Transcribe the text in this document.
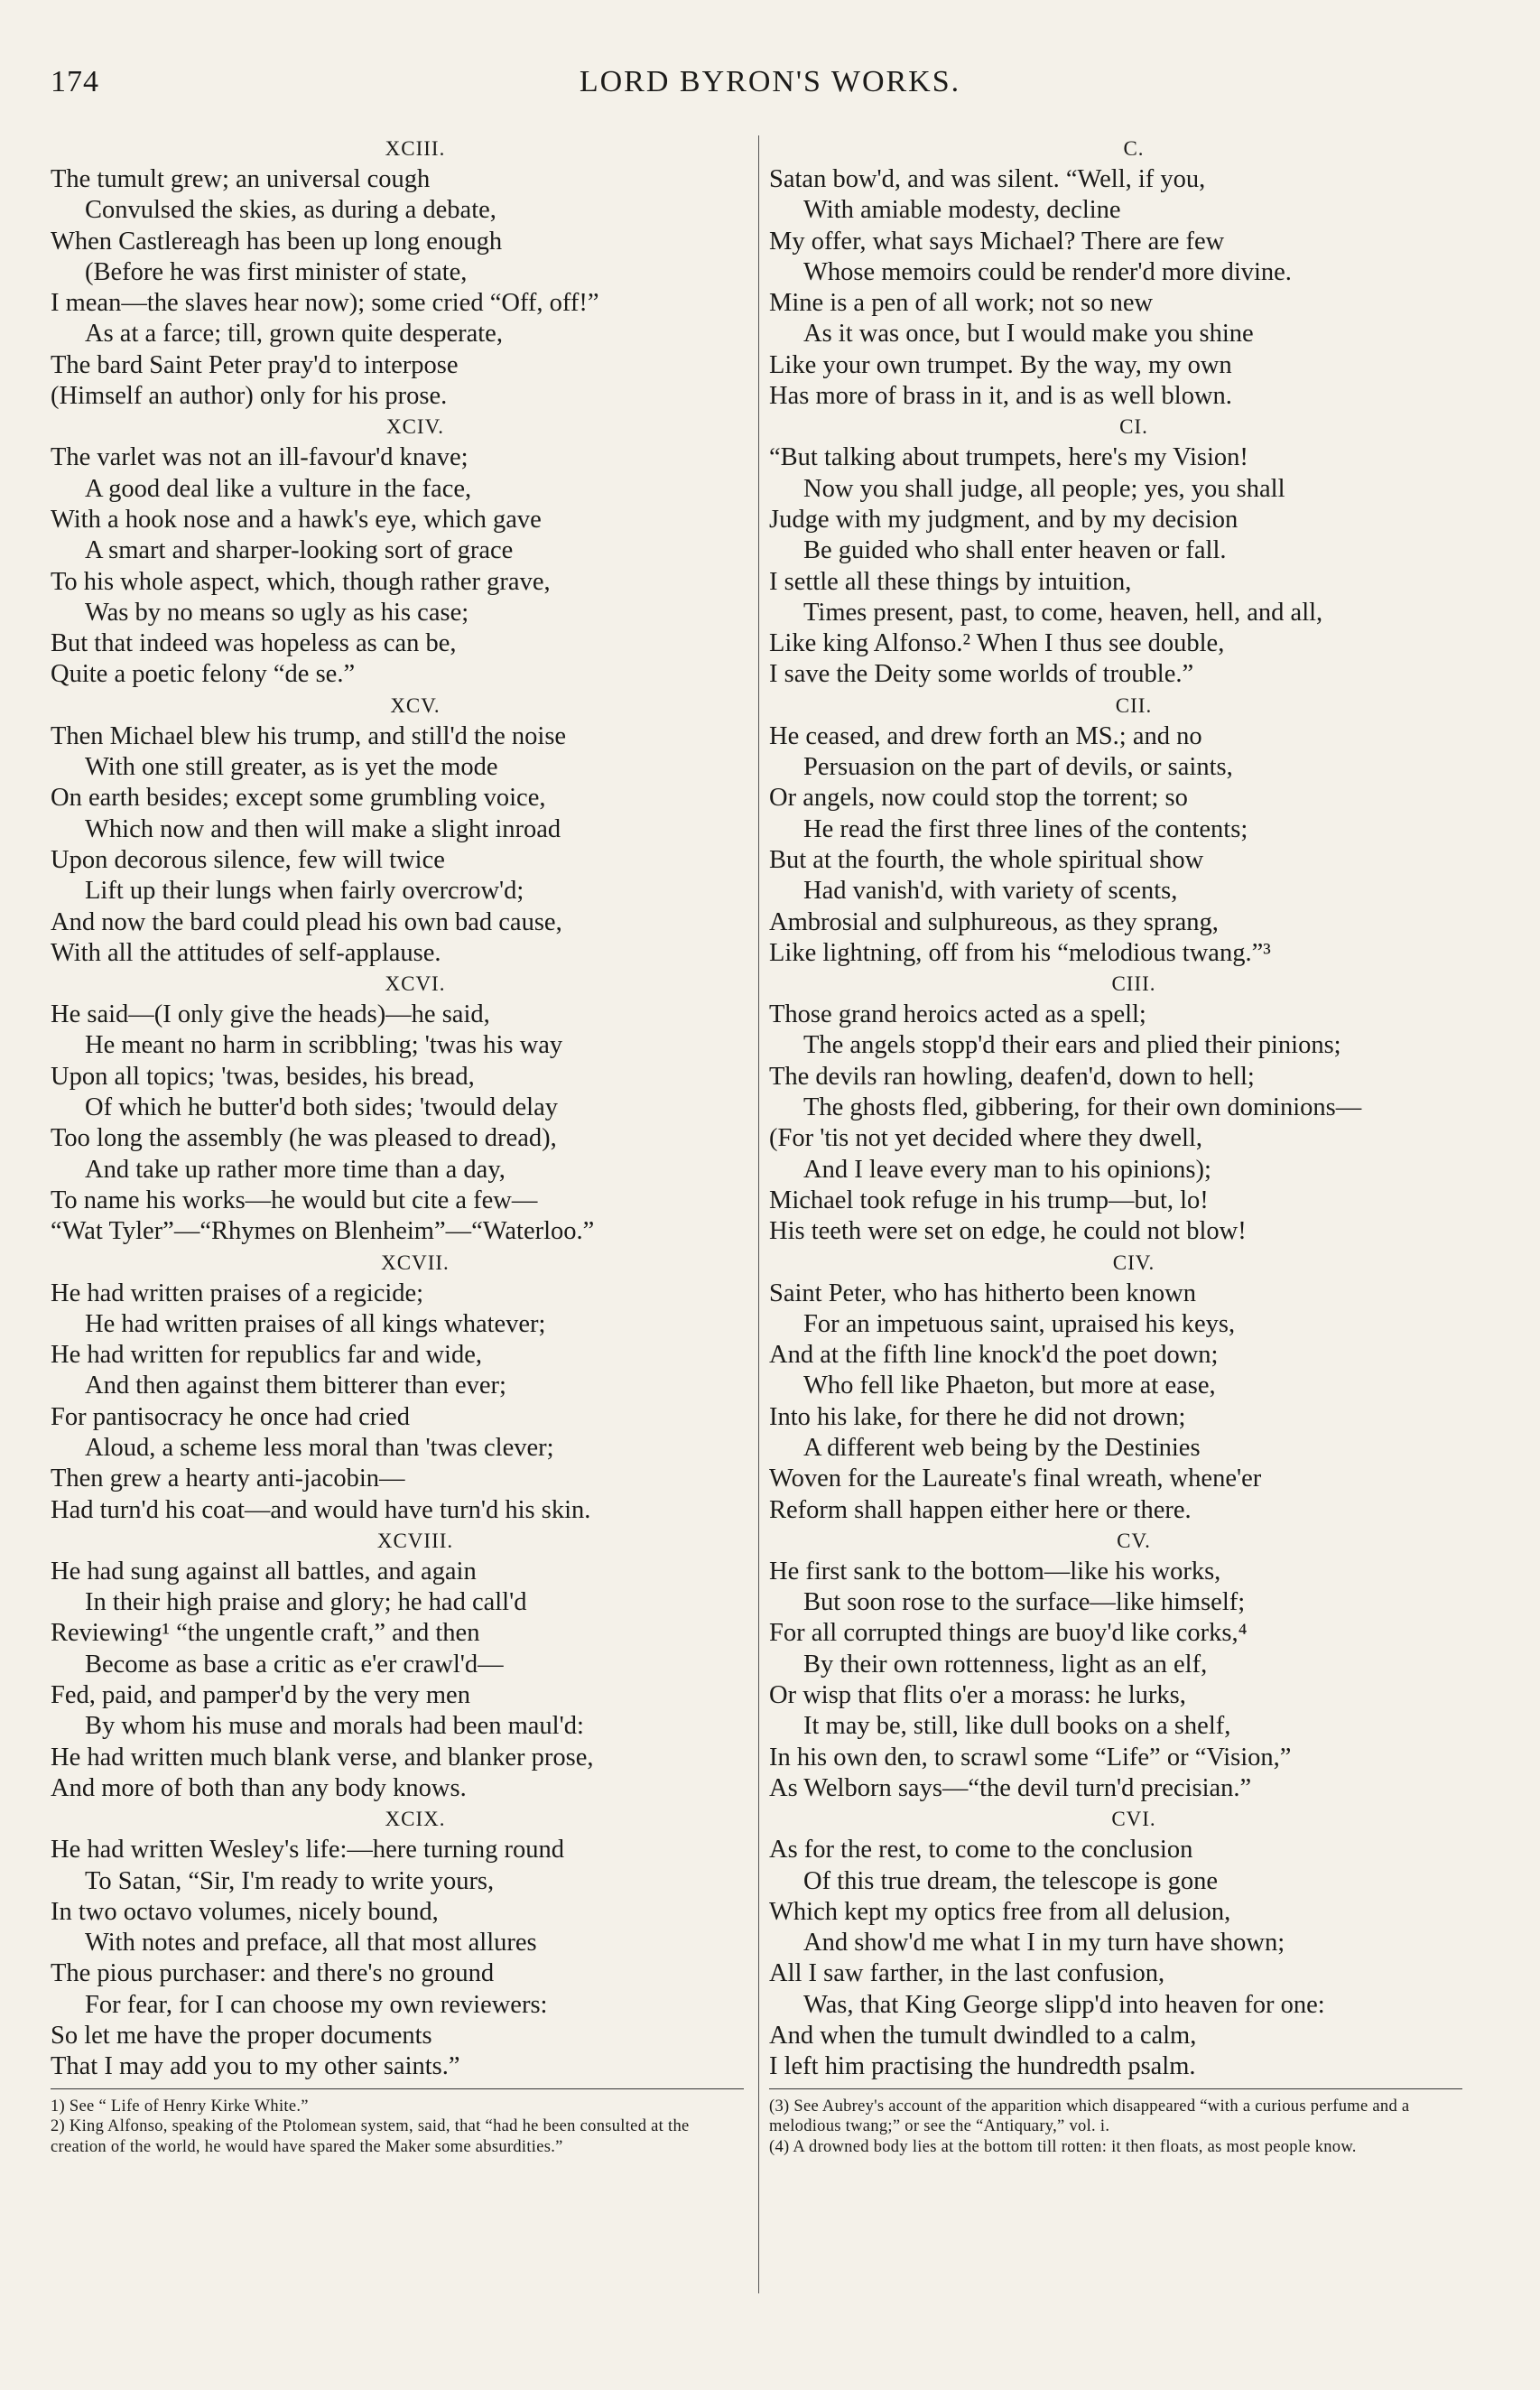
174	LORD BYRON'S WORKS.
XCIII.
The tumult grew; an universal cough
Convulsed the skies, as during a debate,
When Castlereagh has been up long enough
(Before he was first minister of state,
I mean—the slaves hear now); some cried “Off, off!”
As at a farce; till, grown quite desperate,
The bard Saint Peter pray'd to interpose
(Himself an author) only for his prose.
XCIV.
The varlet was not an ill-favour'd knave;
A good deal like a vulture in the face,
With a hook nose and a hawk's eye, which gave
A smart and sharper-looking sort of grace
To his whole aspect, which, though rather grave,
Was by no means so ugly as his case;
But that indeed was hopeless as can be,
Quite a poetic felony “de se.”
XCV.
Then Michael blew his trump, and still'd the noise
With one still greater, as is yet the mode
On earth besides; except some grumbling voice,
Which now and then will make a slight inroad
Upon decorous silence, few will twice
Lift up their lungs when fairly overcrow'd;
And now the bard could plead his own bad cause,
With all the attitudes of self-applause.
XCVI.
He said—(I only give the heads)—he said,
He meant no harm in scribbling; 'twas his way
Upon all topics; 'twas, besides, his bread,
Of which he butter'd both sides; 'twould delay
Too long the assembly (he was pleased to dread),
And take up rather more time than a day,
To name his works—he would but cite a few—
“Wat Tyler”—“Rhymes on Blenheim”—“Waterloo.”
XCVII.
He had written praises of a regicide;
He had written praises of all kings whatever;
He had written for republics far and wide,
And then against them bitterer than ever;
For pantisocracy he once had cried
Aloud, a scheme less moral than 'twas clever;
Then grew a hearty anti-jacobin—
Had turn'd his coat—and would have turn'd his skin.
XCVIII.
He had sung against all battles, and again
In their high praise and glory; he had call'd
Reviewing¹ “the ungentle craft,” and then
Become as base a critic as e'er crawl'd—
Fed, paid, and pamper'd by the very men
By whom his muse and morals had been maul'd:
He had written much blank verse, and blanker prose,
And more of both than any body knows.
XCIX.
He had written Wesley's life:—here turning round
To Satan, “Sir, I'm ready to write yours,
In two octavo volumes, nicely bound,
With notes and preface, all that most allures
The pious purchaser: and there's no ground
For fear, for I can choose my own reviewers:
So let me have the proper documents
That I may add you to my other saints.”
1) See “ Life of Henry Kirke White.”
2) King Alfonso, speaking of the Ptolomean system, said, that “had he been consulted at the creation of the world, he would have spared the Maker some absurdities.”
C.
Satan bow'd, and was silent. “Well, if you,
With amiable modesty, decline
My offer, what says Michael? There are few
Whose memoirs could be render'd more divine.
Mine is a pen of all work; not so new
As it was once, but I would make you shine
Like your own trumpet. By the way, my own
Has more of brass in it, and is as well blown.
CI.
“But talking about trumpets, here's my Vision!
Now you shall judge, all people; yes, you shall
Judge with my judgment, and by my decision
Be guided who shall enter heaven or fall.
I settle all these things by intuition,
Times present, past, to come, heaven, hell, and all,
Like king Alfonso.² When I thus see double,
I save the Deity some worlds of trouble.”
CII.
He ceased, and drew forth an MS.; and no
Persuasion on the part of devils, or saints,
Or angels, now could stop the torrent; so
He read the first three lines of the contents;
But at the fourth, the whole spiritual show
Had vanish'd, with variety of scents,
Ambrosial and sulphureous, as they sprang,
Like lightning, off from his “melodious twang.”³
CIII.
Those grand heroics acted as a spell;
The angels stopp'd their ears and plied their pinions;
The devils ran howling, deafen'd, down to hell;
The ghosts fled, gibbering, for their own dominions—
(For 'tis not yet decided where they dwell,
And I leave every man to his opinions);
Michael took refuge in his trump—but, lo!
His teeth were set on edge, he could not blow!
CIV.
Saint Peter, who has hitherto been known
For an impetuous saint, upraised his keys,
And at the fifth line knock'd the poet down;
Who fell like Phaeton, but more at ease,
Into his lake, for there he did not drown;
A different web being by the Destinies
Woven for the Laureate's final wreath, whene'er
Reform shall happen either here or there.
CV.
He first sank to the bottom—like his works,
But soon rose to the surface—like himself;
For all corrupted things are buoy'd like corks,⁴
By their own rottenness, light as an elf,
Or wisp that flits o'er a morass: he lurks,
It may be, still, like dull books on a shelf,
In his own den, to scrawl some “Life” or “Vision,”
As Welborn says—“the devil turn'd precisian.”
CVI.
As for the rest, to come to the conclusion
Of this true dream, the telescope is gone
Which kept my optics free from all delusion,
And show'd me what I in my turn have shown;
All I saw farther, in the last confusion,
Was, that King George slipp'd into heaven for one:
And when the tumult dwindled to a calm,
I left him practising the hundredth psalm.
(3) See Aubrey's account of the apparition which disappeared “with a curious perfume and a melodious twang;” or see the “Antiquary,” vol. i.
(4) A drowned body lies at the bottom till rotten: it then floats, as most people know.
